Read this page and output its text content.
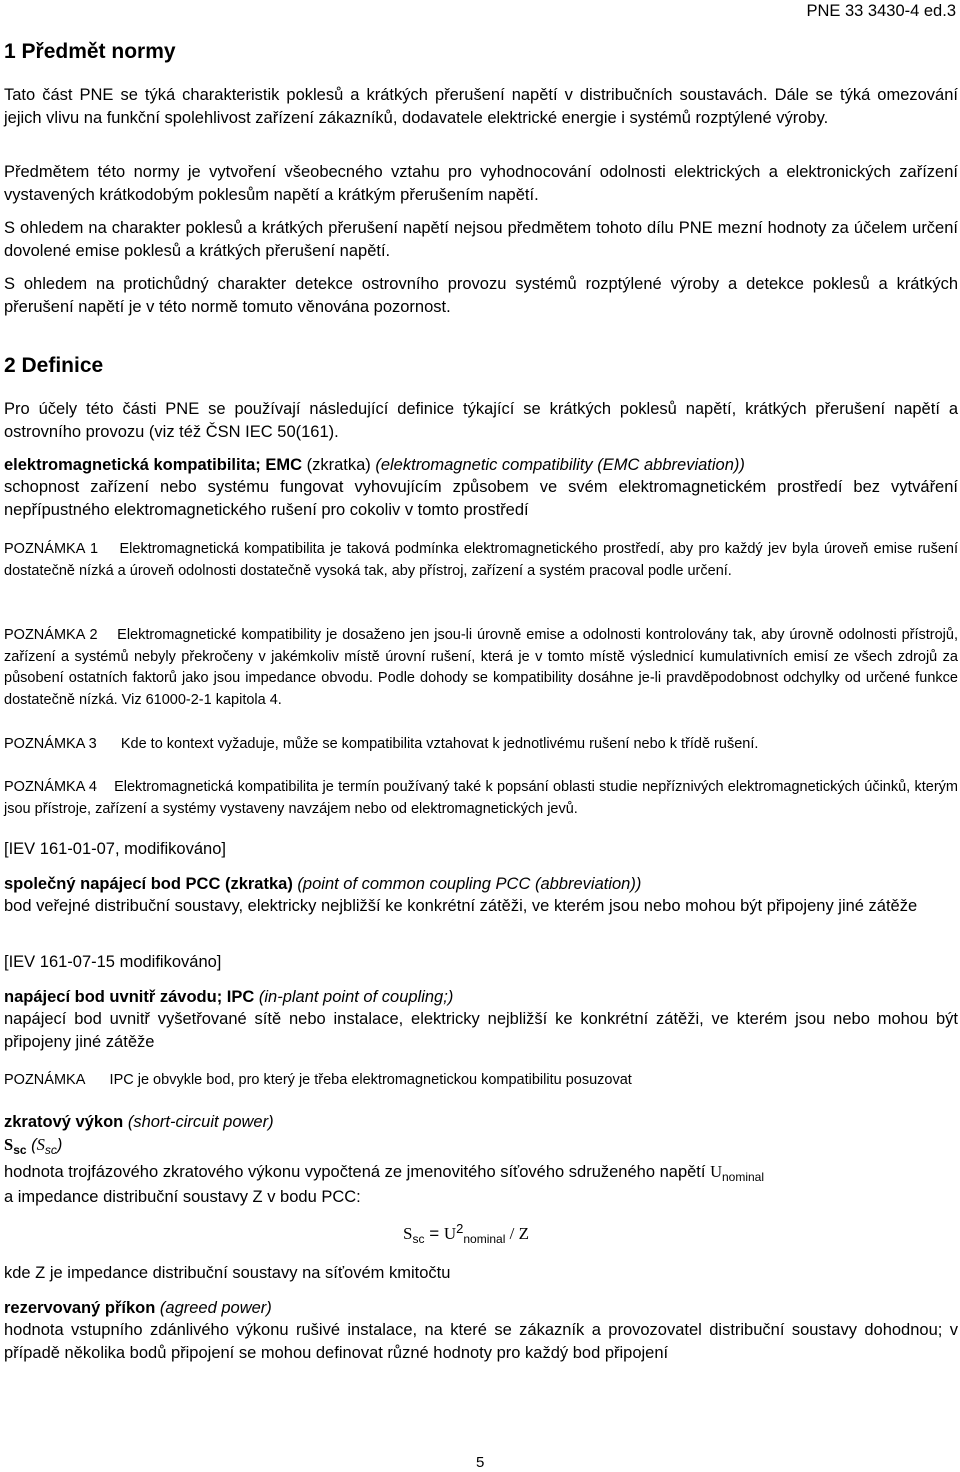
PNE 33 3430-4 ed.3
1 Předmět normy
Tato část PNE se týká charakteristik poklesů a krátkých přerušení napětí v distribučních soustavách. Dále se týká omezování jejich vlivu na funkční spolehlivost zařízení zákazníků, dodavatele elektrické energie i systémů rozptýlené výroby.
Předmětem této normy je vytvoření všeobecného vztahu pro vyhodnocování odolnosti elektrických a elektronických zařízení vystavených krátkodobým poklesům napětí a krátkým přerušením napětí.
S ohledem na charakter poklesů a krátkých přerušení napětí nejsou předmětem tohoto dílu PNE mezní hodnoty za účelem určení dovolené emise poklesů a krátkých přerušení napětí.
S ohledem na protichůdný charakter detekce ostrovního provozu systémů rozptýlené výroby a detekce poklesů a krátkých přerušení napětí je v této normě tomuto věnována pozornost.
2 Definice
Pro účely této části PNE se používají následující definice týkající se krátkých poklesů napětí, krátkých přerušení napětí a ostrovního provozu (viz též ČSN IEC 50(161).
elektromagnetická kompatibilita; EMC (zkratka) (elektromagnetic compatibility (EMC abbreviation))
schopnost zařízení nebo systému fungovat vyhovujícím způsobem ve svém elektromagnetickém prostředí bez vytváření nepřípustného elektromagnetického rušení pro cokoliv v tomto prostředí
POZNÁMKA 1 Elektromagnetická kompatibilita je taková podmínka elektromagnetického prostředí, aby pro každý jev byla úroveň emise rušení dostatečně nízká a úroveň odolnosti dostatečně vysoká tak, aby přístroj, zařízení a systém pracoval podle určení.
POZNÁMKA 2 Elektromagnetické kompatibility je dosaženo jen jsou-li úrovně emise a odolnosti kontrolovány tak, aby úrovně odolnosti přístrojů, zařízení a systémů nebyly překročeny v jakémkoliv místě úrovní rušení, která je v tomto místě výslednicí kumulativních emisí ze všech zdrojů za působení ostatních faktorů jako jsou impedance obvodu. Podle dohody se kompatibility dosáhne je-li pravděpodobnost odchylky od určené funkce dostatečně nízká. Viz 61000-2-1 kapitola 4.
POZNÁMKA 3 Kde to kontext vyžaduje, může se kompatibilita vztahovat k jednotlivému rušení nebo k třídě rušení.
POZNÁMKA 4 Elektromagnetická kompatibilita je termín používaný také k popsání oblasti studie nepříznivých elektromagnetických účinků, kterým jsou přístroje, zařízení a systémy vystaveny navzájem nebo od elektromagnetických jevů.
[IEV 161-01-07, modifikováno]
společný napájecí bod PCC (zkratka) (point of common coupling PCC (abbreviation))
bod veřejné distribuční soustavy, elektricky nejbližší ke konkrétní zátěži, ve kterém jsou nebo mohou být připojeny jiné zátěže
[IEV 161-07-15 modifikováno]
napájecí bod uvnitř závodu; IPC (in-plant point of coupling;)
napájecí bod uvnitř vyšetřované sítě nebo instalace, elektricky nejbližší ke konkrétní zátěži, ve kterém jsou nebo mohou být připojeny jiné zátěže
POZNÁMKA IPC je obvykle bod, pro který je třeba elektromagnetickou kompatibilitu posuzovat
zkratový výkon (short-circuit power)
$S_{sc}$ $(S_{sc})$
hodnota trojfázového zkratového výkonu vypočtená ze jmenovitého síťového sdruženého napětí $U_{nominal}$
a impedance distribuční soustavy Z v bodu PCC:
$S_{sc} = U^2_{nominal} / Z$
kde Z je impedance distribuční soustavy na síťovém kmitočtu
rezervovaný příkon (agreed power)
hodnota vstupního zdánlivého výkonu rušivé instalace, na které se zákazník a provozovatel distribuční soustavy dohodnou; v případě několika bodů připojení se mohou definovat různé hodnoty pro každý bod připojení
5
